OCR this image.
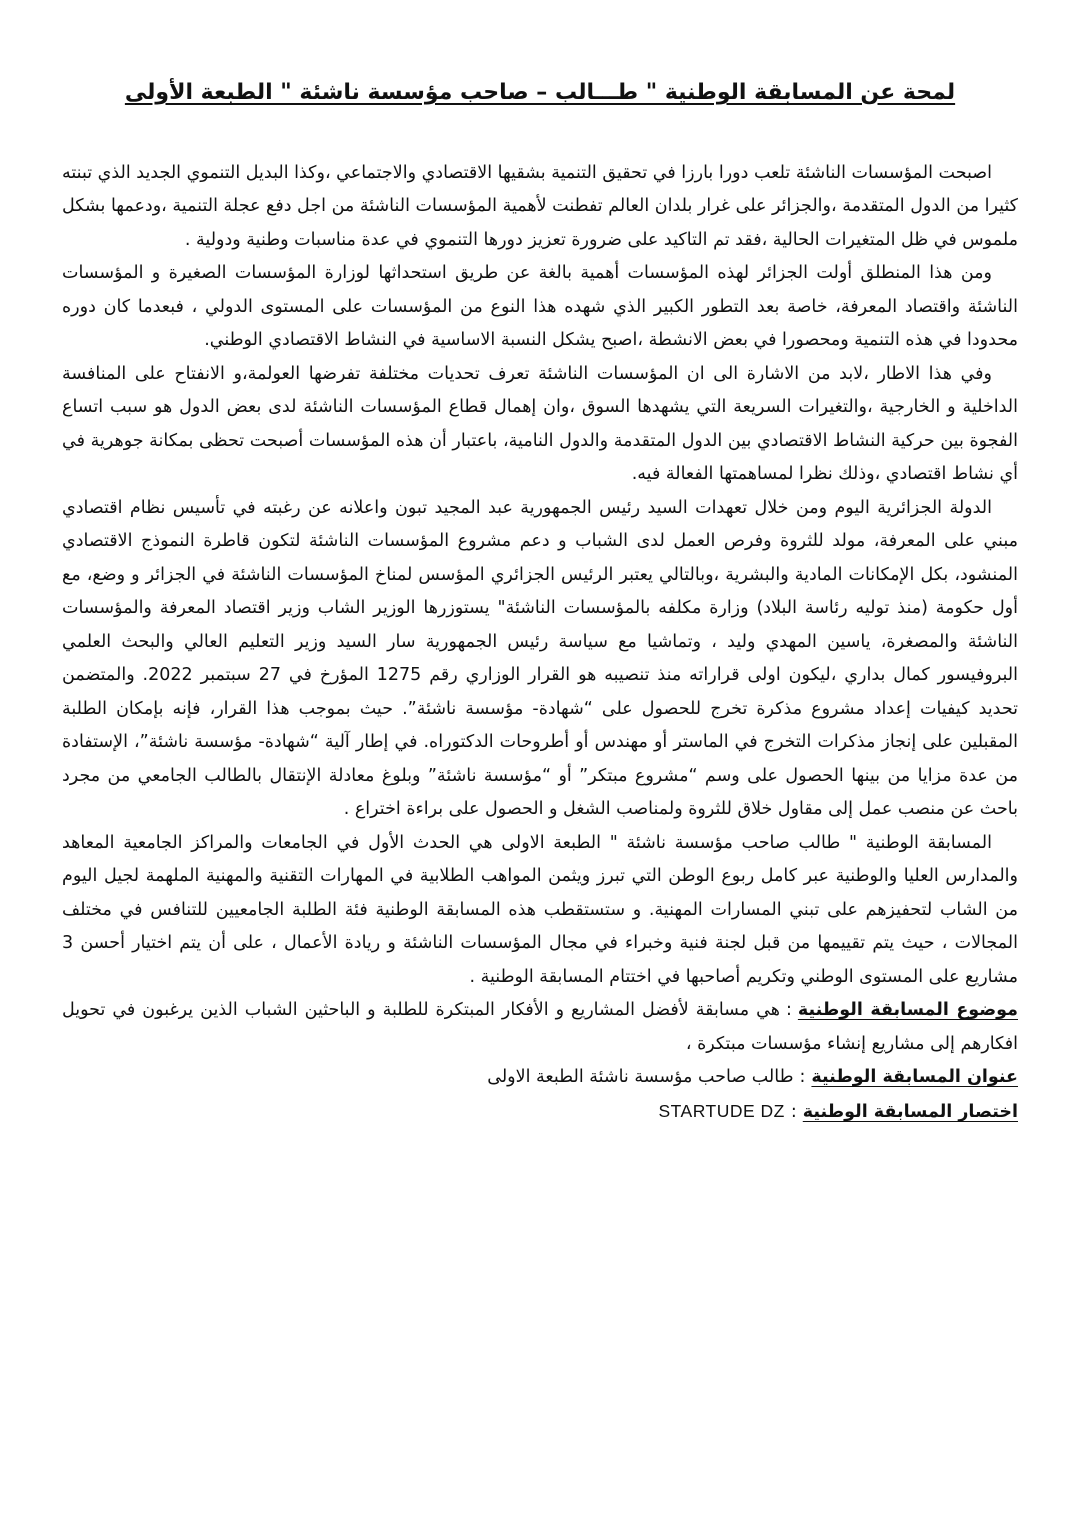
لمحة عن المسابقة الوطنية " طـــالب – صاحب مؤسسة ناشئة " الطبعة الأولى

اصبحت المؤسسات الناشئة تلعب دورا بارزا في تحقيق التنمية بشقيها الاقتصادي والاجتماعي ،وكذا البديل التنموي الجديد الذي تبنته كثيرا من الدول المتقدمة ،والجزائر على غرار بلدان العالم تفطنت لأهمية المؤسسات الناشئة من اجل دفع عجلة التنمية ،ودعمها بشكل ملموس في ظل المتغيرات الحالية ،فقد تم التاكيد على ضرورة تعزيز دورها التنموي في عدة مناسبات وطنية ودولية .

ومن هذا المنطلق أولت الجزائر لهذه المؤسسات أهمية بالغة عن طريق استحداثها لوزارة المؤسسات الصغيرة و المؤسسات الناشئة واقتصاد المعرفة، خاصة بعد التطور الكبير الذي شهده هذا النوع من المؤسسات على المستوى الدولي ، فبعدما كان دوره محدودا في هذه التنمية ومحصورا في بعض الانشطة ،اصبح يشكل النسبة الاساسية في النشاط الاقتصادي الوطني.

وفي هذا الاطار ،لابد من الاشارة الى ان المؤسسات الناشئة تعرف تحديات مختلفة تفرضها العولمة،و الانفتاح على المنافسة الداخلية و الخارجية ،والتغيرات السريعة التي يشهدها السوق ،وان إهمال قطاع المؤسسات الناشئة لدى بعض الدول هو سبب اتساع الفجوة بين حركية النشاط الاقتصادي بين الدول المتقدمة والدول النامية، باعتبار أن هذه المؤسسات أصبحت تحظى بمكانة جوهرية في أي نشاط اقتصادي ،وذلك نظرا لمساهمتها الفعالة فيه.

الدولة الجزائرية اليوم ومن خلال تعهدات السيد رئيس الجمهورية عبد المجيد تبون واعلانه عن رغبته في تأسيس نظام اقتصادي مبني على المعرفة، مولد للثروة وفرص العمل لدى الشباب و دعم مشروع المؤسسات الناشئة لتكون قاطرة النموذج الاقتصادي المنشود، بكل الإمكانات المادية والبشرية ،وبالتالي يعتبر الرئيس الجزائري المؤسس لمناخ المؤسسات الناشئة في الجزائر و وضع، مع أول حكومة (منذ توليه رئاسة البلاد) وزارة مكلفه بالمؤسسات الناشئة" يستوزرها الوزير الشاب وزير اقتصاد المعرفة والمؤسسات الناشئة والمصغرة، ياسين المهدي وليد ، وتماشيا مع سياسة رئيس الجمهورية سار السيد وزير التعليم العالي والبحث العلمي البروفيسور كمال بداري ،ليكون اولى قراراته منذ تنصيبه هو القرار الوزاري رقم 1275 المؤرخ في 27 سبتمبر 2022. والمتضمن تحديد كيفيات إعداد مشروع مذكرة تخرج للحصول على “شهادة- مؤسسة ناشئة”. حيث بموجب هذا القرار، فإنه بإمكان الطلبة المقبلين على إنجاز مذكرات التخرج في الماستر أو مهندس أو أطروحات الدكتوراه. في إطار آلية “شهادة- مؤسسة ناشئة”، الإستفادة من عدة مزايا من بينها الحصول على وسم “مشروع مبتكر” أو “مؤسسة ناشئة” وبلوغ معادلة الإنتقال بالطالب الجامعي من مجرد باحث عن منصب عمل إلى مقاول خلاق للثروة ولمناصب الشغل و الحصول على براءة اختراع .

المسابقة الوطنية " طالب صاحب مؤسسة ناشئة " الطبعة الاولى هي الحدث الأول في الجامعات والمراكز الجامعية المعاهد والمدارس العليا والوطنية عبر كامل ربوع الوطن التي تبرز ويثمن المواهب الطلابية في المهارات التقنية والمهنية الملهمة لجيل اليوم من الشاب لتحفيزهم على تبني المسارات المهنية. و ستستقطب هذه المسابقة الوطنية فئة الطلبة الجامعيين للتنافس في مختلف المجالات ، حيث يتم تقييمها من قبل لجنة فنية وخبراء في مجال المؤسسات الناشئة و ريادة الأعمال ، على أن يتم اختيار أحسن 3 مشاريع على المستوى الوطني وتكريم أصاحبها في اختتام المسابقة الوطنية .

موضوع المسابقة الوطنية:هي مسابقة لأفضل المشاريع و الأفكار المبتكرة للطلبة و الباحثين الشباب الذين يرغبون في تحويل افكارهم إلى مشاريع إنشاء مؤسسات مبتكرة ،

عنوان المسابقة الوطنية:طالب صاحب مؤسسة ناشئة الطبعة الاولى

اختصار المسابقة الوطنية:STARTUDE DZ
